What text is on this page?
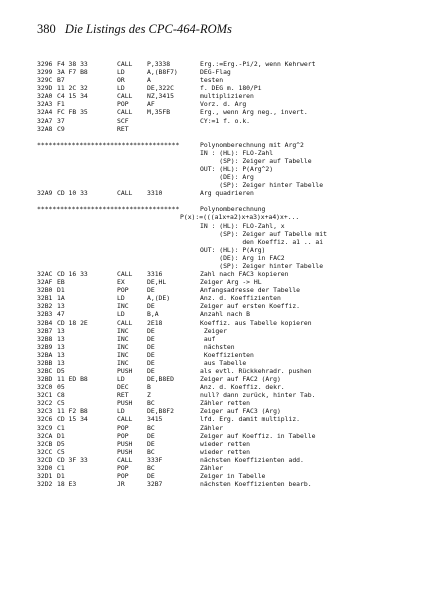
380 Die Listings des CPC-464-ROMs
3296 F4 38 33	CALL P,3338	Erg.:=Erg.-Pi/2, wenn Kehrwert
3299 3A F7 B8	LD	A,(B8F7)	DEG-Flag
329C B7	OR	A	testen
329D 11 2C 32	LD	DE,322C	f. DEG m. 180/Pi
32A0 C4 15 34	CALL NZ,3415	multiplizieren
32A3 F1	POP	AF	Vorz. d. Arg
32A4 FC FB 35	CALL M,35FB	Erg., wenn Arg neg., invert.
32A7 37	SCF	CY:=1 f. o.k.
32A8 C9	RET
*************************************	Polynomberechnung mit Arg^2
IN : (HL): FLO-Zahl
(SP): Zeiger auf Tabelle
OUT: (HL): P(Arg^2)
(DE): Arg
(SP): Zeiger hinter Tabelle
32A9 CD 10 33	CALL 3310	Arg quadrieren
*************************************	Polynomberechnung
P(x):=(((a1x+a2)x+a3)x+a4)x+...
IN : (HL): FLO-Zahl, x
(SP): Zeiger auf Tabelle mit
den Koeffiz. a1 .. ai
OUT: (HL): P(Arg)
(DE): Arg in FAC2
(SP): Zeiger hinter Tabelle
32AC CD 16 33	CALL 3316	Zahl nach FAC3 kopieren
32AF EB	EX	DE,HL	Zeiger Arg -> HL
32B0 D1	POP	DE	Anfangsadresse der Tabelle
32B1 1A	LD	A,(DE)	Anz. d. Koeffizienten
32B2 13	INC	DE	Zeiger auf ersten Koeffiz.
32B3 47	LD	B,A	Anzahl nach B
32B4 CD 18 2E	CALL 2E18	Koeffiz. aus Tabelle kopieren
32B7 13	INC	DE	Zeiger
32B8 13	INC	DE	auf
32B9 13	INC	DE	nächsten
32BA 13	INC	DE	Koeffizienten
32BB 13	INC	DE	aus Tabelle
32BC D5	PUSH DE	als evtl. Rückkehradr. pushen
32BD 11 ED B8	LD	DE,B8ED	Zeiger auf FAC2 (Arg)
32C0 05	DEC	B	Anz. d. Koeffiz. dekr.
32C1 C8	RET	Z	null? dann zurück, hinter Tab.
32C2 C5	PUSH BC	Zähler retten
32C3 11 F2 B8	LD	DE,B8F2	Zeiger auf FAC3 (Arg)
32C6 CD 15 34	CALL 3415	lfd. Erg. damit multipliz.
32C9 C1	POP	BC	Zähler
32CA D1	POP	DE	Zeiger auf Koeffiz. in Tabelle
32CB D5	PUSH DE	wieder retten
32CC C5	PUSH BC	wieder retten
32CD CD 3F 33	CALL 333F	nächsten Koeffizienten add.
32D0 C1	POP	BC	Zähler
32D1 D1	POP	DE	Zeiger in Tabelle
32D2 18 E3	JR	32B7	nächsten Koeffizienten bearb.
